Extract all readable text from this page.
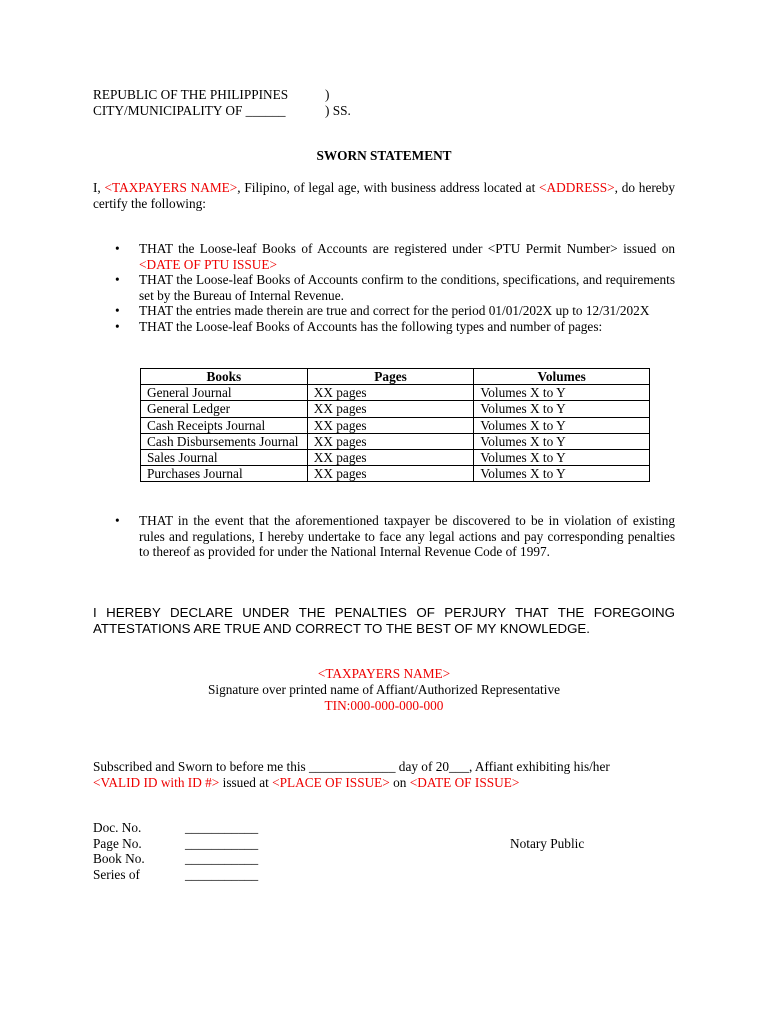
REPUBLIC OF THE PHILIPPINES	)
CITY/MUNICIPALITY OF ______	) SS.
SWORN STATEMENT
I, <TAXPAYERS NAME>, Filipino, of legal age, with business address located at <ADDRESS>, do hereby certify the following:
• THAT the Loose-leaf Books of Accounts are registered under <PTU Permit Number> issued on <DATE OF PTU ISSUE>
• THAT the Loose-leaf Books of Accounts confirm to the conditions, specifications, and requirements set by the Bureau of Internal Revenue.
• THAT the entries made therein are true and correct for the period 01/01/202X up to 12/31/202X
• THAT the Loose-leaf Books of Accounts has the following types and number of pages:
Books	Pages	Volumes
General Journal	XX pages	Volumes X to Y
General Ledger	XX pages	Volumes X to Y
Cash Receipts Journal	XX pages	Volumes X to Y
Cash Disbursements Journal	XX pages	Volumes X to Y
Sales Journal	XX pages	Volumes X to Y
Purchases Journal	XX pages	Volumes X to Y
• THAT in the event that the aforementioned taxpayer be discovered to be in violation of existing rules and regulations, I hereby undertake to face any legal actions and pay corresponding penalties to thereof as provided for under the National Internal Revenue Code of 1997.
I HEREBY DECLARE UNDER THE PENALTIES OF PERJURY THAT THE FOREGOING ATTESTATIONS ARE TRUE AND CORRECT TO THE BEST OF MY KNOWLEDGE.
<TAXPAYERS NAME>
Signature over printed name of Affiant/Authorized Representative
TIN:000-000-000-000
Subscribed and Sworn to before me this _____________ day of 20___, Affiant exhibiting his/her
<VALID ID with ID #> issued at <PLACE OF ISSUE> on <DATE OF ISSUE>
Doc. No.	___________
Page No.	___________
Book No.	___________
Series of	___________
Notary Public
